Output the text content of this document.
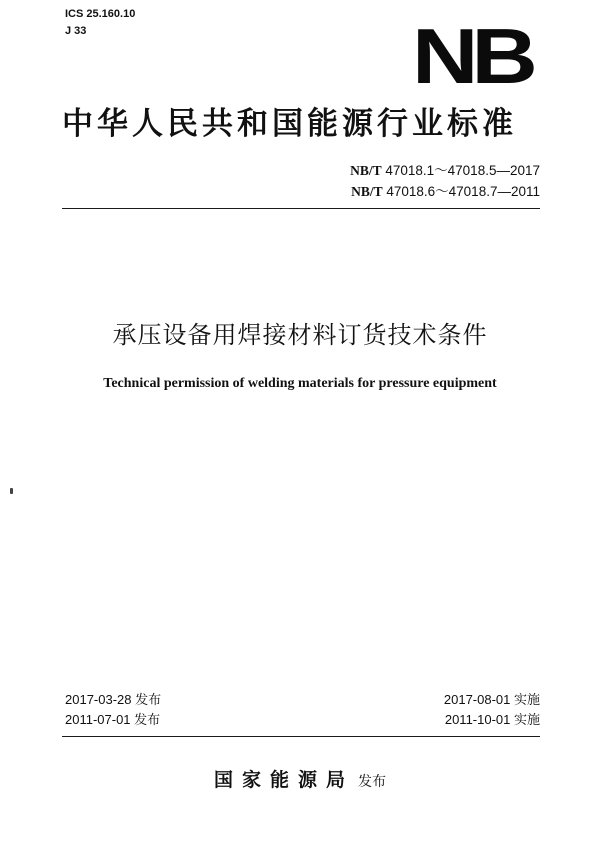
ICS 25.160.10
J 33	NB
中华人民共和国能源行业标准
NB/T 47018.1～47018.5—2017
NB/T 47018.6～47018.7—2011
承压设备用焊接材料订货技术条件
Technical permission of welding materials for pressure equipment
2017-03-28 发布
2011-07-01 发布
2017-08-01 实施
2011-10-01 实施
国家能源局 发布
